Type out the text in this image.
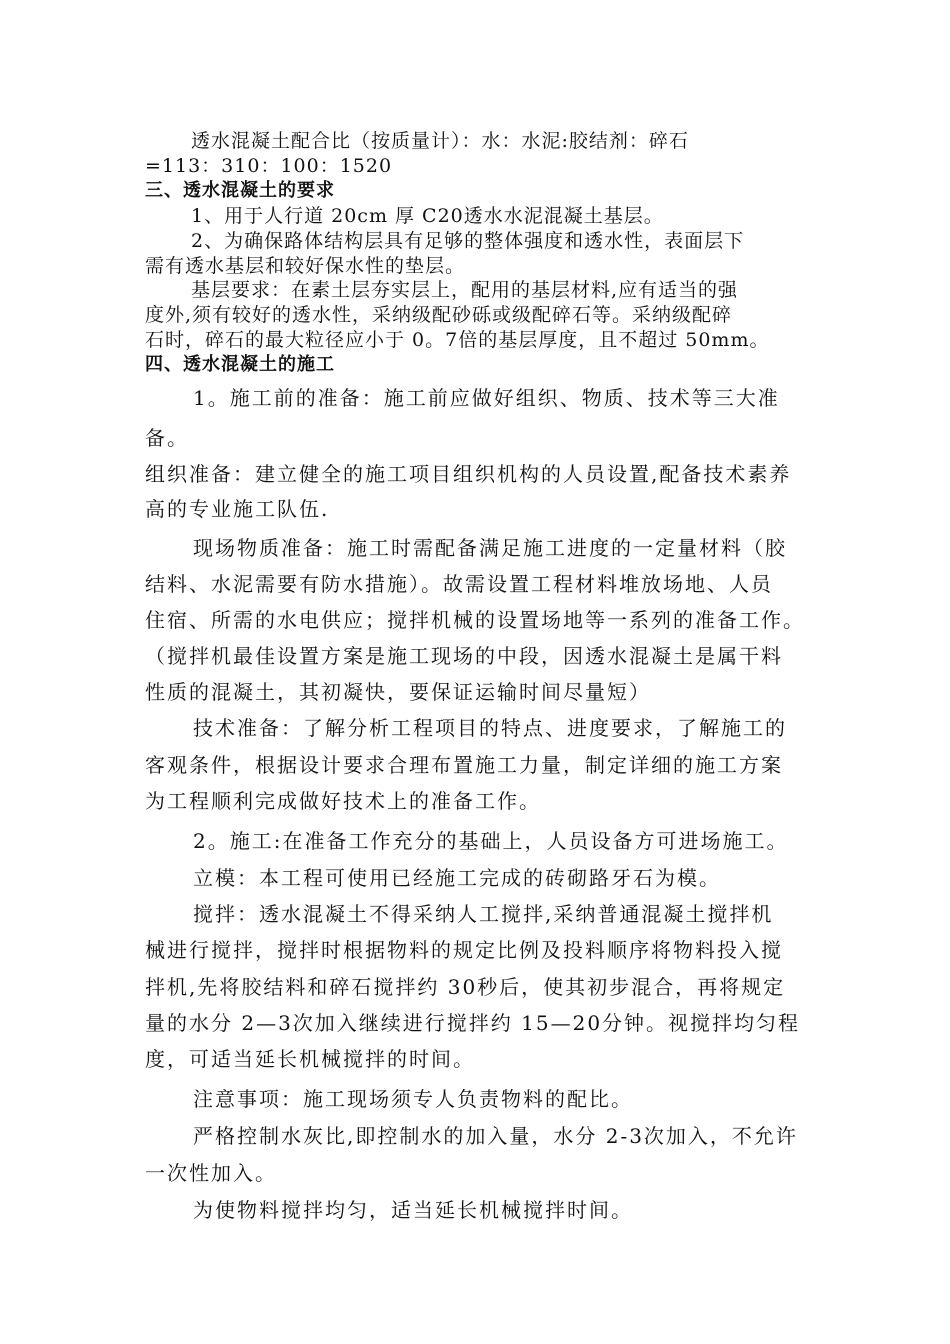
透水混凝土配合比（按质量计）：水：水泥:胶结剂：碎石
=113：310：100：1520
三、透水混凝土的要求
1、用于人行道 20cm 厚 C20透水水泥混凝土基层。
2、为确保路体结构层具有足够的整体强度和透水性，表面层下
需有透水基层和较好保水性的垫层。
基层要求：在素土层夯实层上，配用的基层材料,应有适当的强
度外,须有较好的透水性，采纳级配砂砾或级配碎石等。采纳级配碎
石时，碎石的最大粒径应小于 0。7倍的基层厚度，且不超过 50mm。
四、透水混凝土的施工
1。施工前的准备：施工前应做好组织、物质、技术等三大准
备。
组织准备：建立健全的施工项目组织机构的人员设置,配备技术素养
高的专业施工队伍.
现场物质准备：施工时需配备满足施工进度的一定量材料（胶
结料、水泥需要有防水措施）。故需设置工程材料堆放场地、人员
住宿、所需的水电供应；搅拌机械的设置场地等一系列的准备工作。
（搅拌机最佳设置方案是施工现场的中段，因透水混凝土是属干料
性质的混凝土，其初凝快，要保证运输时间尽量短）
技术准备：了解分析工程项目的特点、进度要求，了解施工的
客观条件，根据设计要求合理布置施工力量，制定详细的施工方案
为工程顺利完成做好技术上的准备工作。
2。施工:在准备工作充分的基础上，人员设备方可进场施工。
立模：本工程可使用已经施工完成的砖砌路牙石为模。
搅拌：透水混凝土不得采纳人工搅拌,采纳普通混凝土搅拌机
械进行搅拌，搅拌时根据物料的规定比例及投料顺序将物料投入搅
拌机,先将胶结料和碎石搅拌约 30秒后，使其初步混合，再将规定
量的水分 2—3次加入继续进行搅拌约 15—20分钟。视搅拌均匀程
度，可适当延长机械搅拌的时间。
注意事项：施工现场须专人负责物料的配比。
严格控制水灰比,即控制水的加入量，水分 2-3次加入，不允许
一次性加入。
为使物料搅拌均匀，适当延长机械搅拌时间。
